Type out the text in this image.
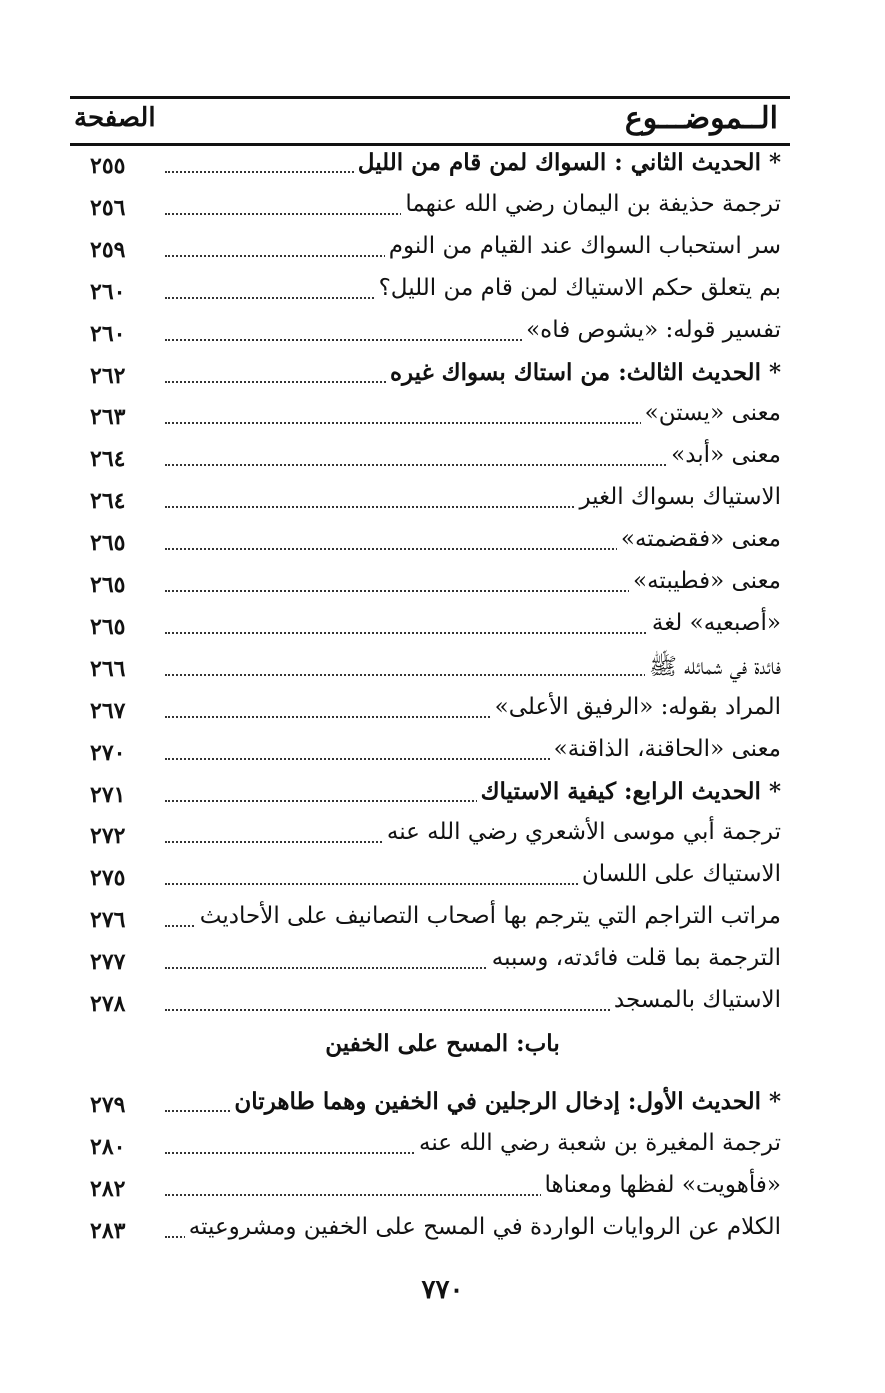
الــموضـــوع
الصفحة
* الحديث الثاني : السواك لمن قام من الليل
٢٥٥
ترجمة حذيفة بن اليمان رضي الله عنهما
٢٥٦
سر استحباب السواك عند القيام من النوم
٢٥٩
بم يتعلق حكم الاستياك لمن قام من الليل؟
٢٦٠
تفسير قوله: «يشوص فاه»
٢٦٠
* الحديث الثالث: من استاك بسواك غيره
٢٦٢
معنى «يستن»
٢٦٣
معنى «أبد»
٢٦٤
الاستياك بسواك الغير
٢٦٤
معنى «فقضمته»
٢٦٥
معنى «فطيبته»
٢٦٥
«أصبعيه» لغة
٢٦٥
فائدة في شمائله ﷺ
٢٦٦
المراد بقوله: «الرفيق الأعلى»
٢٦٧
معنى «الحاقنة، الذاقنة»
٢٧٠
* الحديث الرابع: كيفية الاستياك
٢٧١
ترجمة أبي موسى الأشعري رضي الله عنه
٢٧٢
الاستياك على اللسان
٢٧٥
مراتب التراجم التي يترجم بها أصحاب التصانيف على الأحاديث
٢٧٦
الترجمة بما قلت فائدته، وسببه
٢٧٧
الاستياك بالمسجد
٢٧٨
باب: المسح على الخفين
* الحديث الأول: إدخال الرجلين في الخفين وهما طاهرتان
٢٧٩
ترجمة المغيرة بن شعبة رضي الله عنه
٢٨٠
«فأهويت» لفظها ومعناها
٢٨٢
الكلام عن الروايات الواردة في المسح على الخفين ومشروعيته
٢٨٣
٧٧٠
